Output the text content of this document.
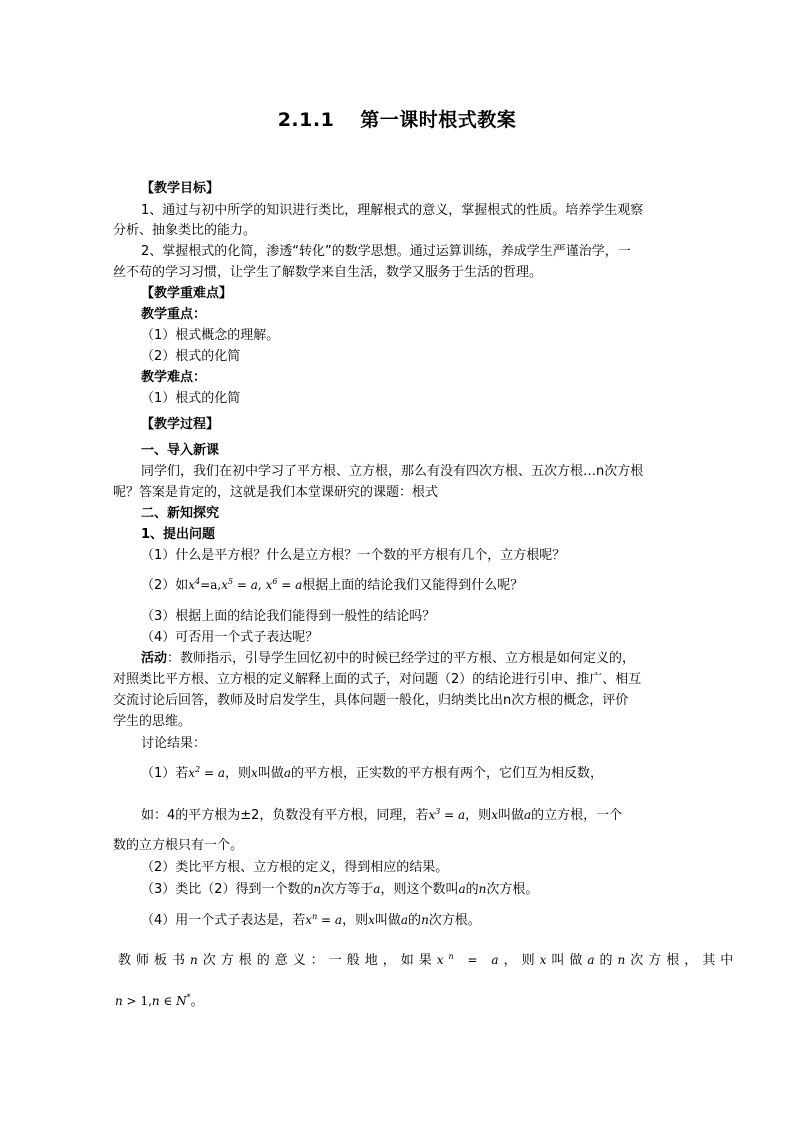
2.1.1 第一课时根式教案
【教学目标】
1、通过与初中所学的知识进行类比，理解根式的意义，掌握根式的性质。培养学生观察
分析、抽象类比的能力。
2、掌握根式的化简，渗透“转化”的数学思想。通过运算训练，养成学生严谨治学，一
丝不苟的学习习惯，让学生了解数学来自生活，数学又服务于生活的哲理。
【教学重难点】
教学重点：
（1）根式概念的理解。
（2）根式的化简
教学难点：
（1）根式的化简
【教学过程】
一、导入新课
同学们，我们在初中学习了平方根、立方根，那么有没有四次方根、五次方根…n次方根
呢？答案是肯定的，这就是我们本堂课研究的课题：根式
二、新知探究
1、提出问题
（1）什么是平方根？什么是立方根？一个数的平方根有几个，立方根呢？
（2）如$x^4=a,x^5 = a$, $x^6 = a$根据上面的结论我们又能得到什么呢？
（3）根据上面的结论我们能得到一般性的结论吗？
（4）可否用一个式子表达呢？
活动：教师指示，引导学生回忆初中的时候已经学过的平方根、立方根是如何定义的，
对照类比平方根、立方根的定义解释上面的式子，对问题（2）的结论进行引申、推广、相互
交流讨论后回答，教师及时启发学生，具体问题一般化，归纳类比出n次方根的概念，评价
学生的思维。
讨论结果：
（1）若$x^2 = a$，则x叫做a的平方根，正实数的平方根有两个，它们互为相反数，
如：4的平方根为±2，负数没有平方根，同理，若$x^3 = a$，则x叫做a的立方根，一个
数的立方根只有一个。
（2）类比平方根、立方根的定义，得到相应的结果。
（3）类比（2）得到一个数的n次方等于a，则这个数叫a的n次方根。
（4）用一个式子表达是，若$x^n = a$，则x叫做a的n次方根。
教师板书n次方根的意义：一般地，如果$x^n = a$，则x叫做a的n次方根，其中
n > 1,n ∈ N*。
